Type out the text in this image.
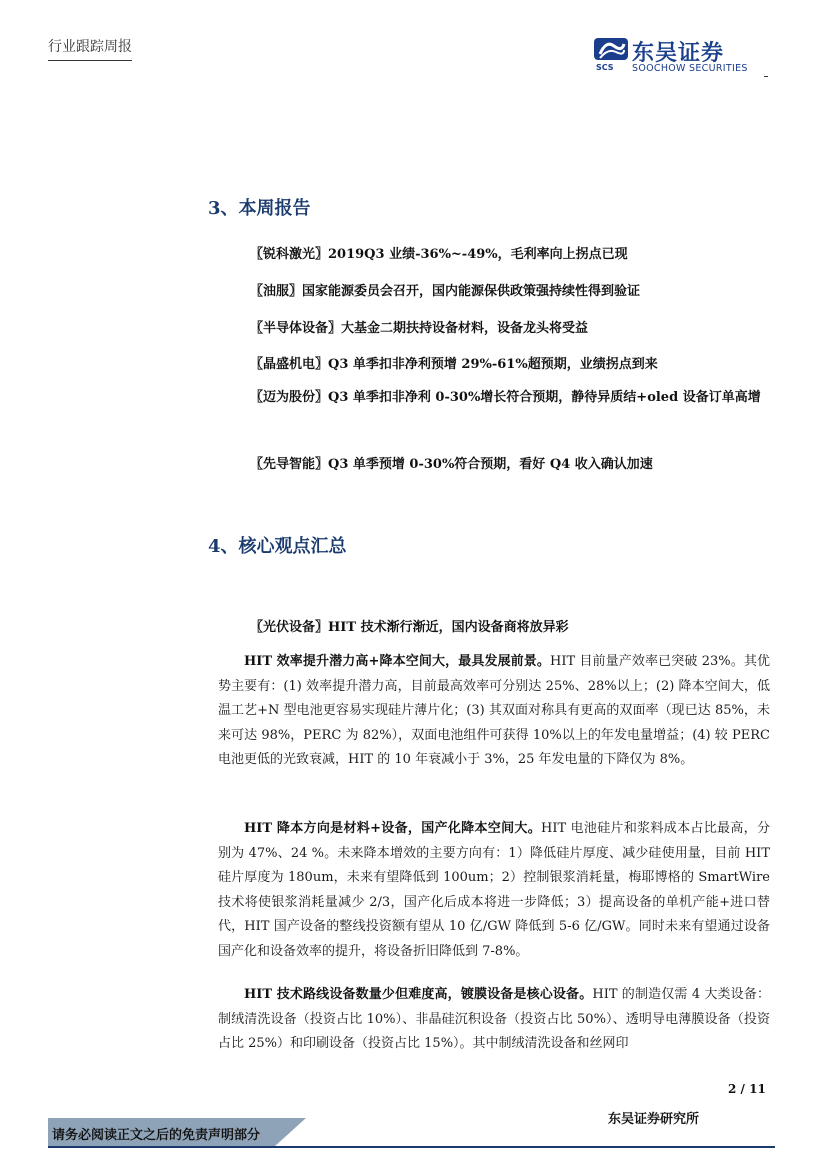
行业跟踪周报	东吴证券
SCS SOOCHOW SECURITIES
3、本周报告
〖锐科激光〗2019Q3 业绩-36%~-49%，毛利率向上拐点已现
〖油服〗国家能源委员会召开，国内能源保供政策强持续性得到验证
〖半导体设备〗大基金二期扶持设备材料，设备龙头将受益
〖晶盛机电〗Q3 单季扣非净利预增 29%-61%超预期，业绩拐点到来
〖迈为股份〗Q3 单季扣非净利 0-30%增长符合预期，静待异质结+oled 设备订单高增
〖先导智能〗Q3 单季预增 0-30%符合预期，看好 Q4 收入确认加速
4、核心观点汇总
〖光伏设备〗HIT 技术渐行渐近，国内设备商将放异彩
HIT 效率提升潜力高+降本空间大，最具发展前景。HIT 目前量产效率已突破 23%。其优势主要有：(1) 效率提升潜力高，目前最高效率可分别达 25%、28%以上；(2) 降本空间大，低温工艺+N 型电池更容易实现硅片薄片化；(3) 其双面对称具有更高的双面率（现已达 85%，未来可达 98%，PERC 为 82%），双面电池组件可获得 10%以上的年发电量增益；(4) 较 PERC 电池更低的光致衰减，HIT 的 10 年衰减小于 3%，25 年发电量的下降仅为 8%。
HIT 降本方向是材料+设备，国产化降本空间大。HIT 电池硅片和浆料成本占比最高，分别为 47%、24 %。未来降本增效的主要方向有：1）降低硅片厚度、减少硅使用量，目前 HIT 硅片厚度为 180um，未来有望降低到 100um；2）控制银浆消耗量，梅耶博格的 SmartWire 技术将使银浆消耗量减少 2/3，国产化后成本将进一步降低；3）提高设备的单机产能+进口替代，HIT 国产设备的整线投资额有望从 10 亿/GW 降低到 5-6 亿/GW。同时未来有望通过设备国产化和设备效率的提升，将设备折旧降低到 7-8%。
HIT 技术路线设备数量少但难度高，镀膜设备是核心设备。HIT 的制造仅需 4 大类设备：制绒清洗设备（投资占比 10%）、非晶硅沉积设备（投资占比 50%）、透明导电薄膜设备（投资占比 25%）和印刷设备（投资占比 15%）。其中制绒清洗设备和丝网印
2 / 11
请务必阅读正文之后的免责声明部分
东吴证券研究所
